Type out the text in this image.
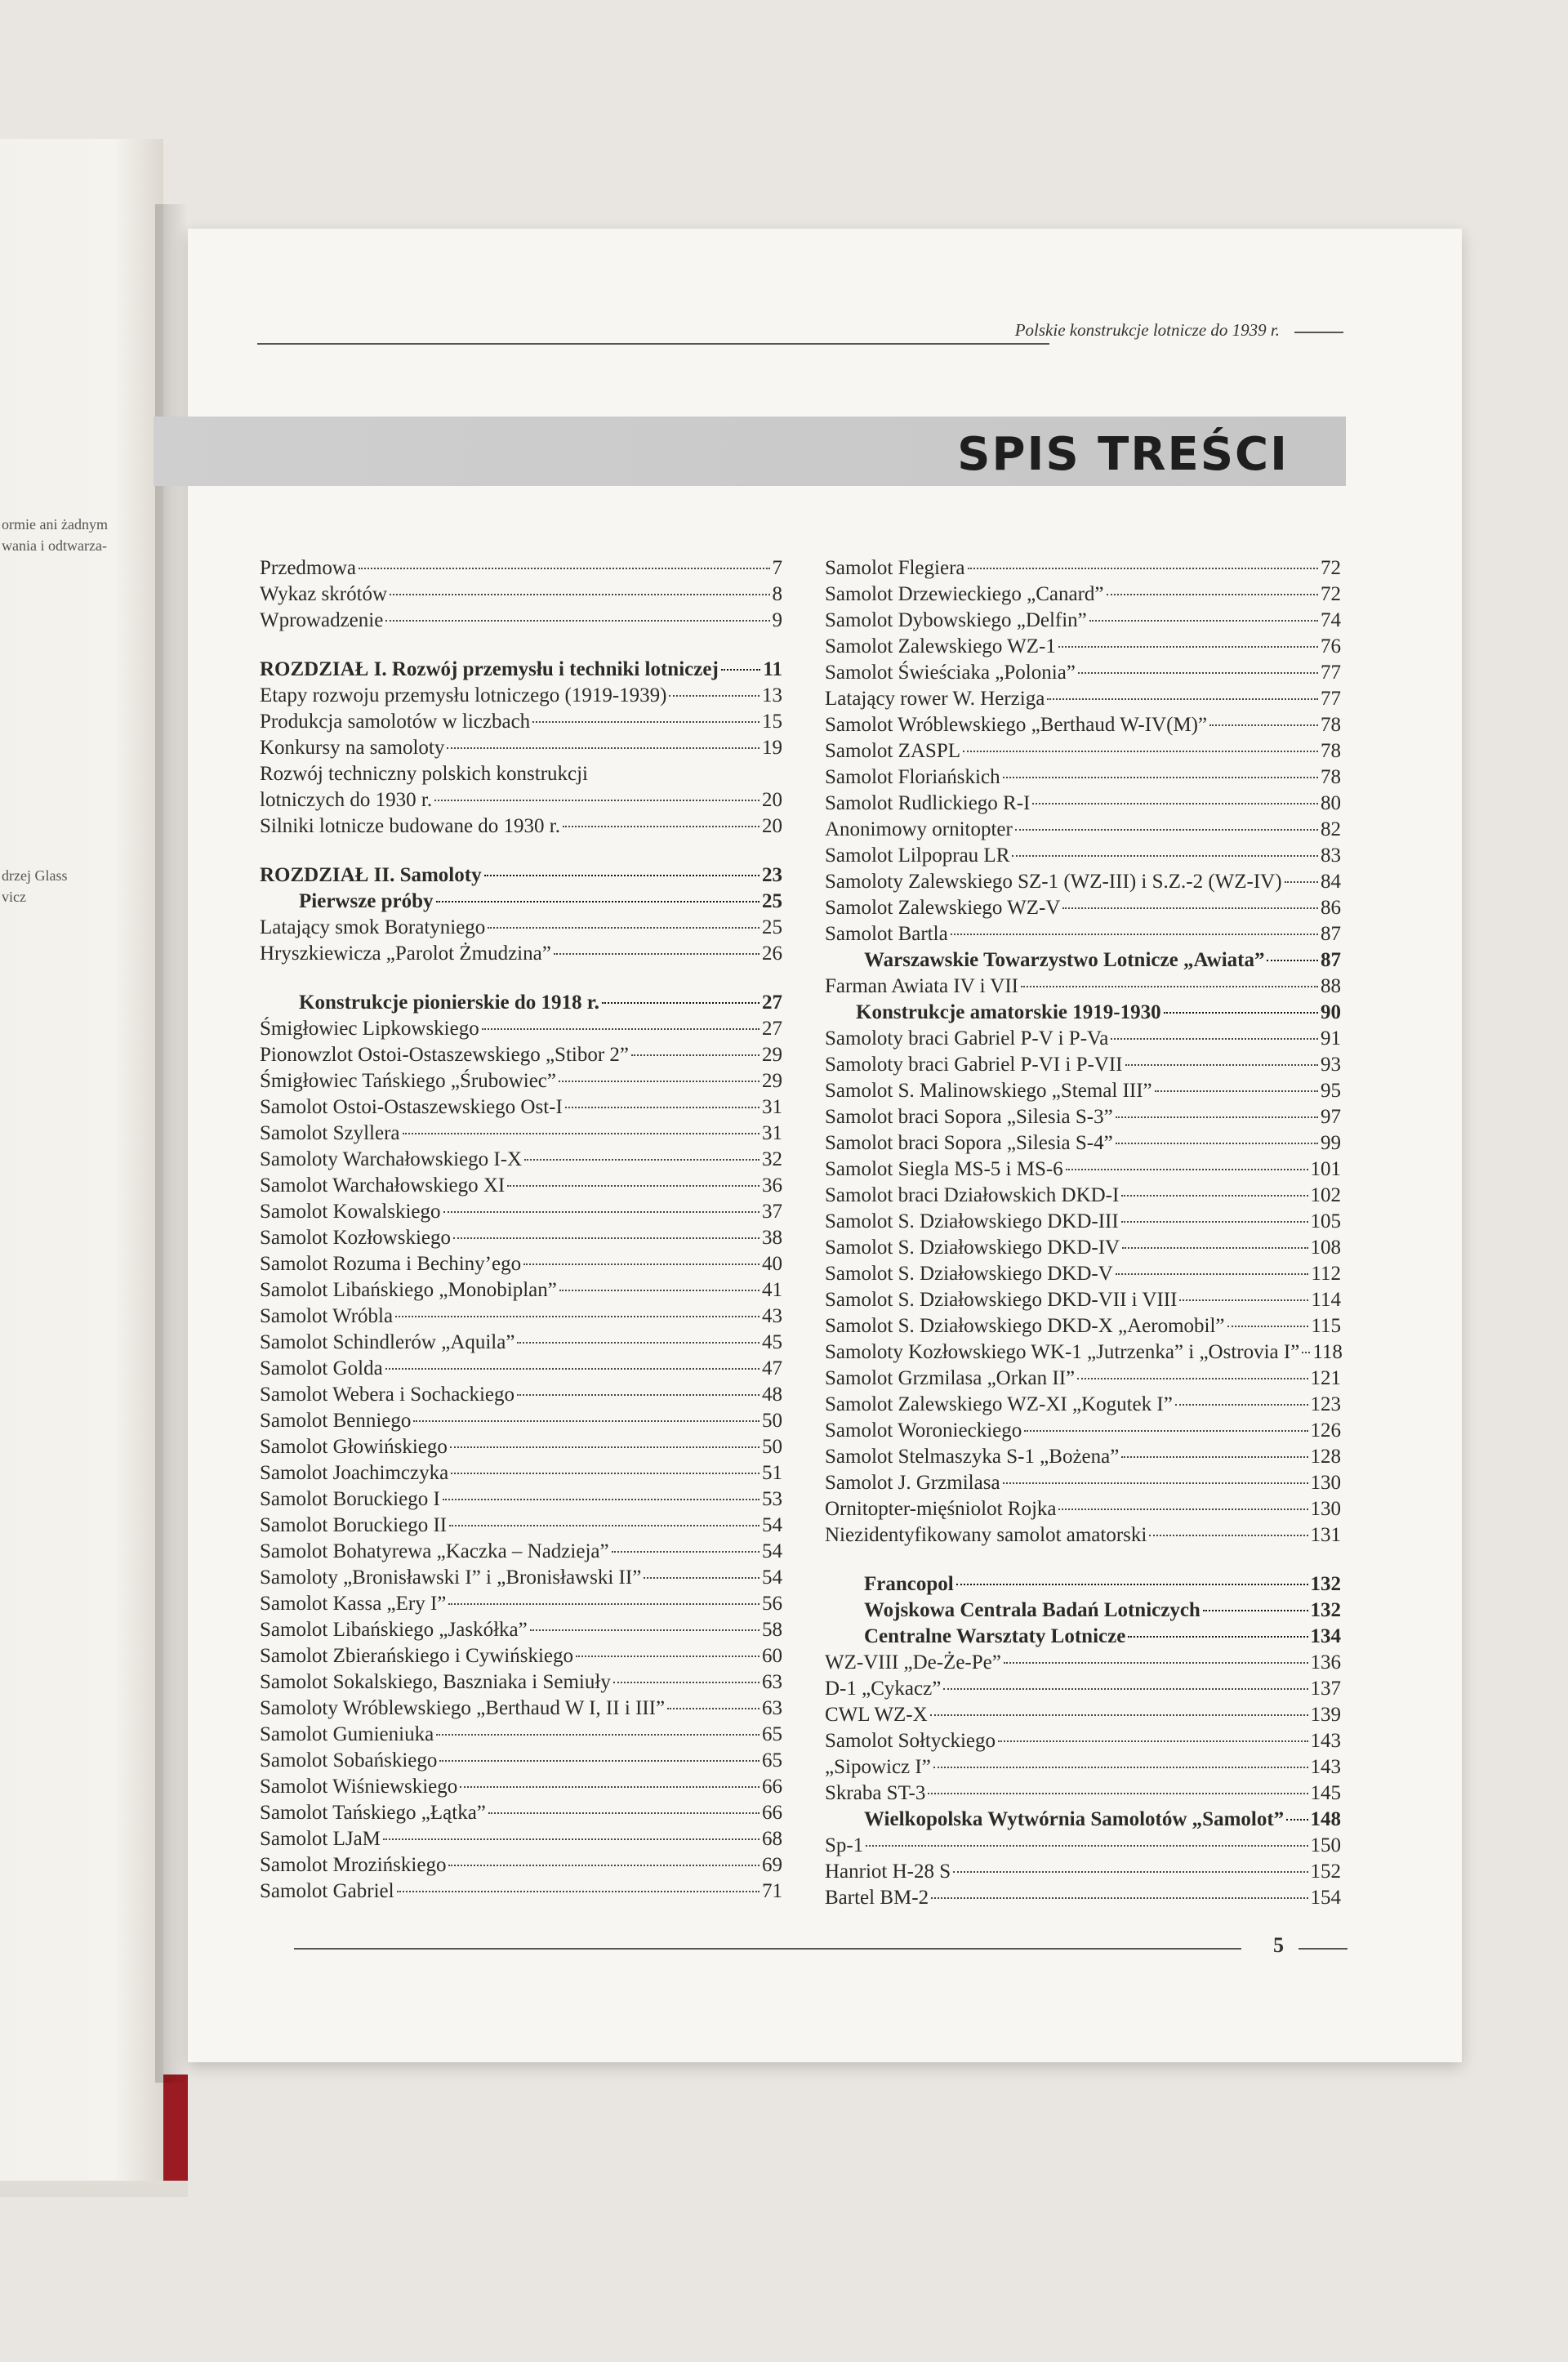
ormie ani żadnym
wania i odtwarza-
drzej Glass
vicz
Polskie konstrukcje lotnicze do 1939 r.
SPIS TREŚCI
Przedmowa	7
Wykaz skrótów	8
Wprowadzenie	9
ROZDZIAŁ I. Rozwój przemysłu i techniki lotniczej 11
Etapy rozwoju przemysłu lotniczego (1919-1939)	13
Produkcja samolotów w liczbach	15
Konkursy na samoloty	19
Rozwój techniczny polskich konstrukcji
lotniczych do 1930 r.	20
Silniki lotnicze budowane do 1930 r.	20
ROZDZIAŁ II. Samoloty	23
Pierwsze próby	25
Latający smok Boratyniego	25
Hryszkiewicza „Parolot Żmudzina”	26
Konstrukcje pionierskie do 1918 r.	27
Śmigłowiec Lipkowskiego	27
Pionowzlot Ostoi-Ostaszewskiego „Stibor 2”	29
Śmigłowiec Tańskiego „Śrubowiec”	29
Samolot Ostoi-Ostaszewskiego Ost-I	31
Samolot Szyllera	31
Samoloty Warchałowskiego I-X	32
Samolot Warchałowskiego XI	36
Samolot Kowalskiego	37
Samolot Kozłowskiego	38
Samolot Rozuma i Bechiny’ego	40
Samolot Libańskiego „Monobiplan”	41
Samolot Wróbla	43
Samolot Schindlerów „Aquila”	45
Samolot Golda	47
Samolot Webera i Sochackiego	48
Samolot Benniego	50
Samolot Głowińskiego	50
Samolot Joachimczyka	51
Samolot Boruckiego I	53
Samolot Boruckiego II	54
Samolot Bohatyrewa „Kaczka – Nadzieja”	54
Samoloty „Bronisławski I” i „Bronisławski II”	54
Samolot Kassa „Ery I”	56
Samolot Libańskiego „Jaskółka”	58
Samolot Zbierańskiego i Cywińskiego	60
Samolot Sokalskiego, Baszniaka i Semiuły	63
Samoloty Wróblewskiego „Berthaud W I, II i III”	63
Samolot Gumieniuka	65
Samolot Sobańskiego	65
Samolot Wiśniewskiego	66
Samolot Tańskiego „Łątka”	66
Samolot LJaM	68
Samolot Mrozińskiego	69
Samolot Gabriel	71
Samolot Flegiera	72
Samolot Drzewieckiego „Canard”	72
Samolot Dybowskiego „Delfin”	74
Samolot Zalewskiego WZ-1	76
Samolot Świeściaka „Polonia”	77
Latający rower W. Herziga	77
Samolot Wróblewskiego „Berthaud W-IV(M)”	78
Samolot ZASPL	78
Samolot Floriańskich	78
Samolot Rudlickiego R-I	80
Anonimowy ornitopter	82
Samolot Lilpoprau LR	83
Samoloty Zalewskiego SZ-1 (WZ-III) i S.Z.-2 (WZ-IV) 84
Samolot Zalewskiego WZ-V	86
Samolot Bartla	87
Warszawskie Towarzystwo Lotnicze „Awiata”	87
Farman Awiata IV i VII	88
Konstrukcje amatorskie 1919-1930	90
Samoloty braci Gabriel P-V i P-Va	91
Samoloty braci Gabriel P-VI i P-VII	93
Samolot S. Malinowskiego „Stemal III”	95
Samolot braci Sopora „Silesia S-3”	97
Samolot braci Sopora „Silesia S-4”	99
Samolot Siegla MS-5 i MS-6	101
Samolot braci Działowskich DKD-I	102
Samolot S. Działowskiego DKD-III	105
Samolot S. Działowskiego DKD-IV	108
Samolot S. Działowskiego DKD-V	112
Samolot S. Działowskiego DKD-VII i VIII	114
Samolot S. Działowskiego DKD-X „Aeromobil”	115
Samoloty Kozłowskiego WK-1 „Jutrzenka” i „Ostrovia I” 118
Samolot Grzmilasa „Orkan II”	121
Samolot Zalewskiego WZ-XI „Kogutek I”	123
Samolot Woronieckiego	126
Samolot Stelmaszyka S-1 „Bożena”	128
Samolot J. Grzmilasa	130
Ornitopter-mięśniolot Rojka	130
Niezidentyfikowany samolot amatorski	131
Francopol	132
Wojskowa Centrala Badań Lotniczych	132
Centralne Warsztaty Lotnicze	134
WZ-VIII „De-Że-Pe”	136
D-1 „Cykacz”	137
CWL WZ-X	139
Samolot Sołtyckiego	143
„Sipowicz I”	143
Skraba ST-3	145
Wielkopolska Wytwórnia Samolotów „Samolot” 148
Sp-1	150
Hanriot H-28 S	152
Bartel BM-2	154
5
